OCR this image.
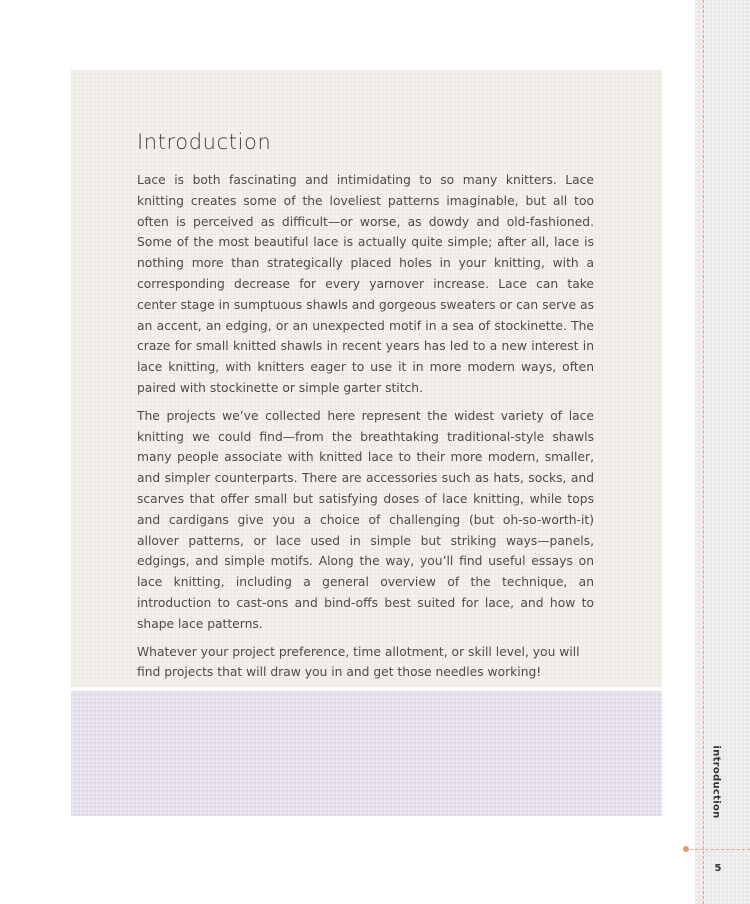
Introduction

Lace is both fascinating and intimidating to so many knitters. Lace knitting creates some of the loveliest patterns imaginable, but all too often is perceived as difficult—or worse, as dowdy and old-fashioned. Some of the most beautiful lace is actually quite simple; after all, lace is nothing more than strategically placed holes in your knitting, with a corresponding decrease for every yarnover increase. Lace can take center stage in sumptuous shawls and gorgeous sweaters or can serve as an accent, an edging, or an unexpected motif in a sea of stockinette. The craze for small knitted shawls in recent years has led to a new interest in lace knitting, with knitters eager to use it in more modern ways, often paired with stockinette or simple garter stitch.

The projects we’ve collected here represent the widest variety of lace knitting we could find—from the breathtaking traditional-style shawls many people associate with knitted lace to their more modern, smaller, and simpler counterparts. There are accessories such as hats, socks, and scarves that offer small but satisfying doses of lace knitting, while tops and cardigans give you a choice of challenging (but oh-so-worth-it) allover patterns, or lace used in simple but striking ways—panels, edgings, and simple motifs. Along the way, you’ll find useful essays on lace knitting, including a general overview of the technique, an introduction to cast-ons and bind-offs best suited for lace, and how to shape lace patterns.

Whatever your project preference, time allotment, or skill level, you will find projects that will draw you in and get those needles working!

introduction
5
